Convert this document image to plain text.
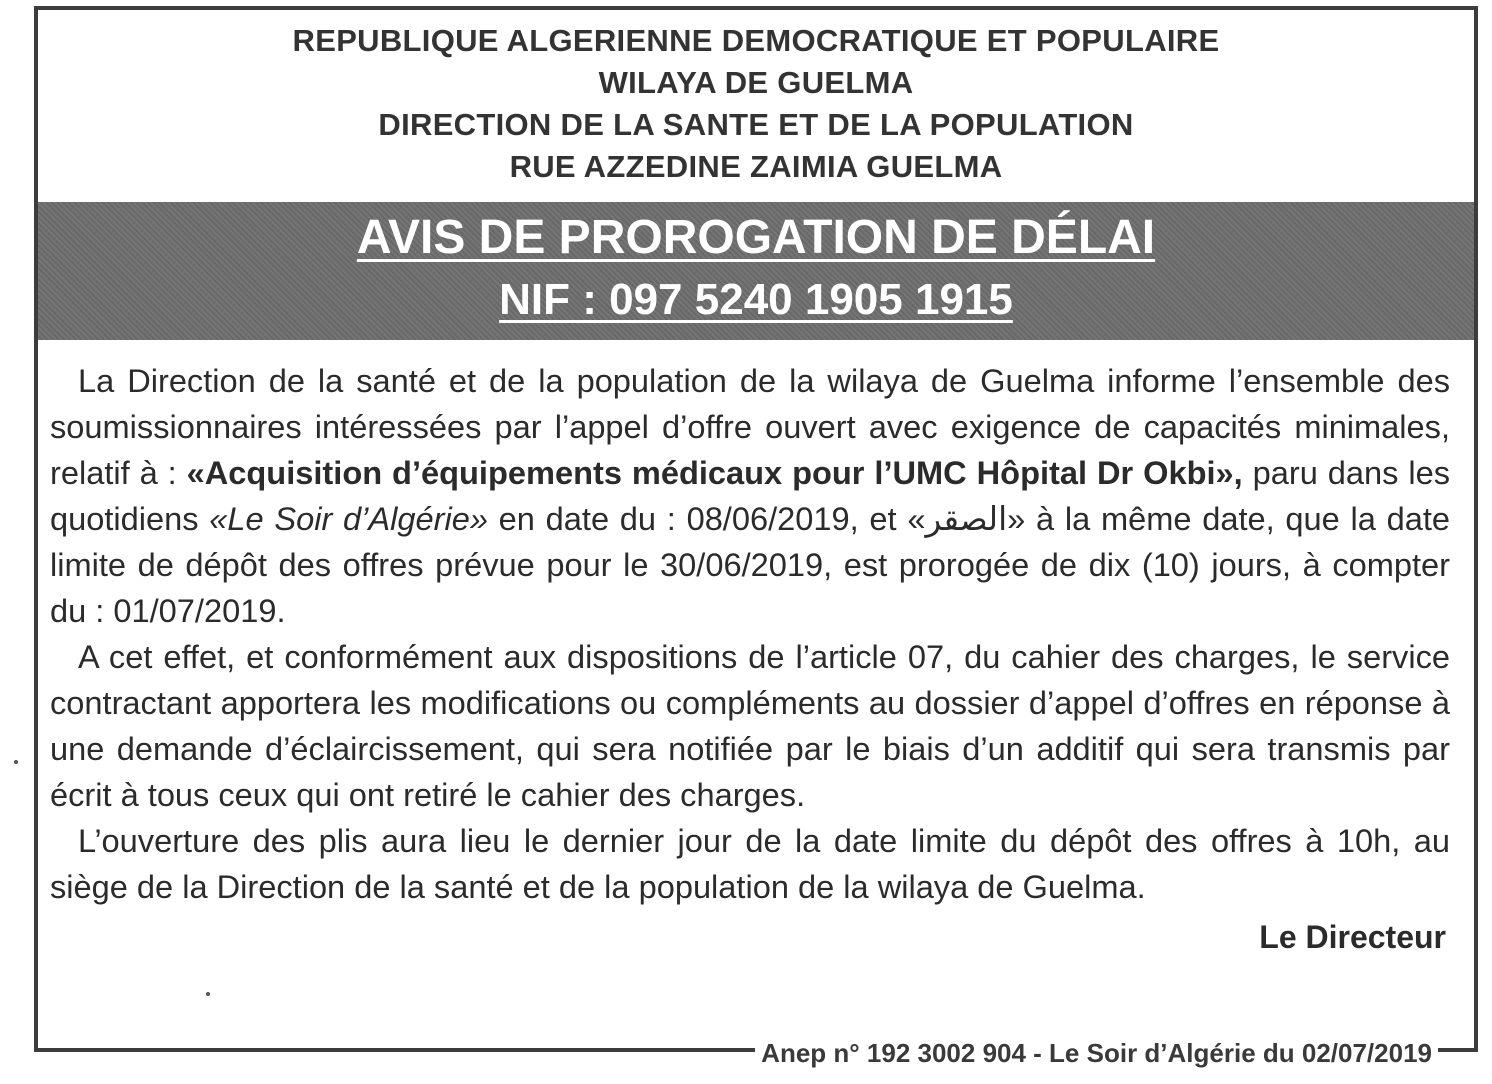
REPUBLIQUE ALGERIENNE DEMOCRATIQUE ET POPULAIRE
WILAYA DE GUELMA
DIRECTION DE LA SANTE ET DE LA POPULATION
RUE AZZEDINE ZAIMIA GUELMA
AVIS DE PROROGATION DE DÉLAI
NIF : 097 5240 1905 1915

La Direction de la santé et de la population de la wilaya de Guelma informe l’ensemble des soumissionnaires intéressées par l’appel d’offre ouvert avec exigence de capacités minimales, relatif à : «Acquisition d’équipements médicaux pour l’UMC Hôpital Dr Okbi», paru dans les quotidiens «Le Soir d’Algérie» en date du : 08/06/2019, et «الصقر» à la même date, que la date limite de dépôt des offres prévue pour le 30/06/2019, est prorogée de dix (10) jours, à compter du : 01/07/2019.

A cet effet, et conformément aux dispositions de l’article 07, du cahier des charges, le service contractant apportera les modifications ou compléments au dossier d’appel d’offres en réponse à une demande d’éclaircissement, qui sera notifiée par le biais d’un additif qui sera transmis par écrit à tous ceux qui ont retiré le cahier des charges.

L’ouverture des plis aura lieu le dernier jour de la date limite du dépôt des offres à 10h, au siège de la Direction de la santé et de la population de la wilaya de Guelma.

Le Directeur
Anep n° 192 3002 904 - Le Soir d’Algérie du 02/07/2019
